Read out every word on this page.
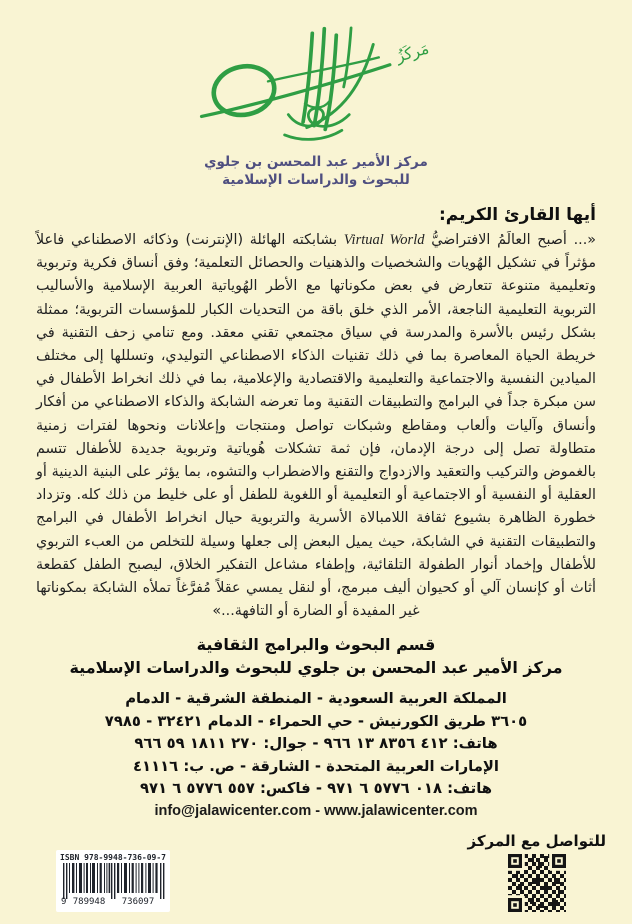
مَركَزُ
مركز الأمير عبد المحسن بن جلوي
للبحوث والدراسات الإسلامية
أيها القارئ الكريم:

«... أصبح العالَمُ الافتراضيُّ Virtual World بشابكته الهائلة (الإنترنت) وذكائه الاصطناعي فاعلاً مؤثراً في تشكيل الهُويات والشخصيات والذهنيات والحصائل التعلمية؛ وفق أنساق فكرية وتربوية وتعليمية متنوعة تتعارض في بعض مكوناتها مع الأطر الهُوياتية العربية الإسلامية والأساليب التربوية التعليمية الناجعة، الأمر الذي خلق باقة من التحديات الكبار للمؤسسات التربوية؛ ممثلة بشكل رئيس بالأسرة والمدرسة في سياق مجتمعي تقني معقد. ومع تنامي زحف التقنية في خريطة الحياة المعاصرة بما في ذلك تقنيات الذكاء الاصطناعي التوليدي، وتسللها إلى مختلف الميادين النفسية والاجتماعية والتعليمية والاقتصادية والإعلامية، بما في ذلك انخراط الأطفال في سن مبكرة جداً في البرامج والتطبيقات التقنية وما تعرضه الشابكة والذكاء الاصطناعي من أفكار وأنساق وآليات وألعاب ومقاطع وشبكات تواصل ومنتجات وإعلانات ونحوها لفترات زمنية متطاولة تصل إلى درجة الإدمان، فإن ثمة تشكلات هُوياتية وتربوية جديدة للأطفال تتسم بالغموض والتركيب والتعقيد والازدواج والتقنع والاضطراب والتشوه، بما يؤثر على البنية الدينية أو العقلية أو النفسية أو الاجتماعية أو التعليمية أو اللغوية للطفل أو على خليط من ذلك كله. وتزداد خطورة الظاهرة بشيوع ثقافة اللامبالاة الأسرية والتربوية حيال انخراط الأطفال في البرامج والتطبيقات التقنية في الشابكة، حيث يميل البعض إلى جعلها وسيلة للتخلص من العبء التربوي للأطفال وإخماد أنوار الطفولة التلقائية، وإطفاء مشاعل التفكير الخلاق، ليصبح الطفل كقطعة أثاث أو كإنسان آلي أو كحيوان أليف مبرمج، أو لنقل يمسي عقلاً مُفرَّغاً تملأه الشابكة بمكوناتها غير المفيدة أو الضارة أو التافهة...»

قسم البحوث والبرامج الثقافية
مركز الأمير عبد المحسن بن جلوي للبحوث والدراسات الإسلامية
المملكة العربية السعودية - المنطقة الشرقية - الدمام
٣٦٠٥ طريق الكورنيش - حي الحمراء - الدمام ٣٢٤٢١ - ٧٩٨٥
هاتف: ٤١٢ ٨٣٥٦ ١٣ ٩٦٦ - جوال: ٢٧٠ ١٨١١ ٥٩ ٩٦٦
الإمارات العربية المتحدة - الشارقة - ص. ب: ٤١١١٦
هاتف: ٠١٨ ٥٧٧٦ ٦ ٩٧١ - فاكس: ٥٥٧ ٥٧٧٦ ٦ ٩٧١
info@jalawicenter.com - www.jalawicenter.com
ISBN 978-9948-736-09-7
9 789948 736097
للتواصل مع المركز
